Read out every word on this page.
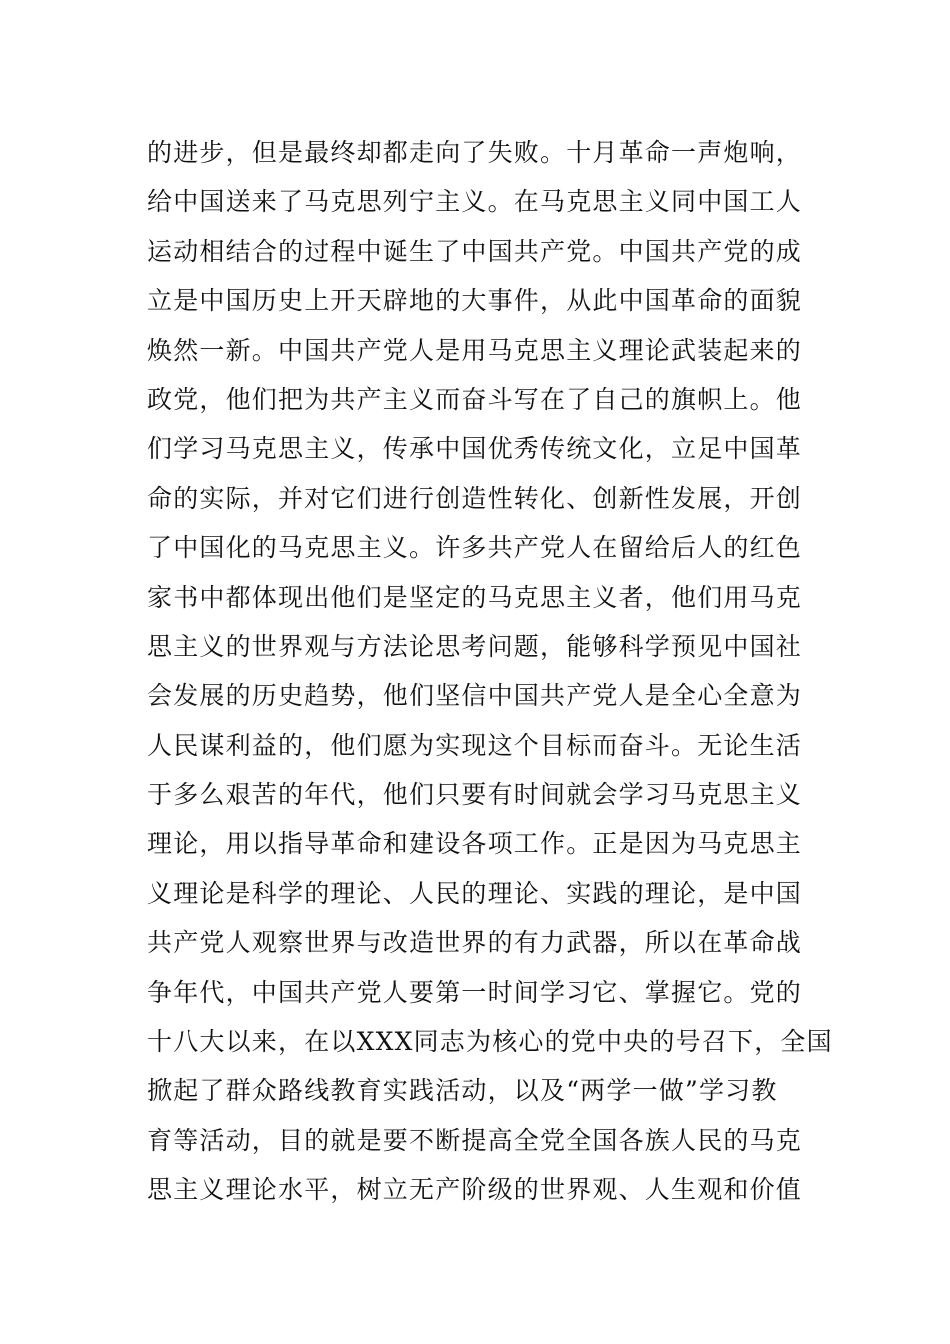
的进步，但是最终却都走向了失败。十月革命一声炮响，
给中国送来了马克思列宁主义。在马克思主义同中国工人
运动相结合的过程中诞生了中国共产党。中国共产党的成
立是中国历史上开天辟地的大事件，从此中国革命的面貌
焕然一新。中国共产党人是用马克思主义理论武装起来的
政党，他们把为共产主义而奋斗写在了自己的旗帜上。他
们学习马克思主义，传承中国优秀传统文化，立足中国革
命的实际，并对它们进行创造性转化、创新性发展，开创
了中国化的马克思主义。许多共产党人在留给后人的红色
家书中都体现出他们是坚定的马克思主义者，他们用马克
思主义的世界观与方法论思考问题，能够科学预见中国社
会发展的历史趋势，他们坚信中国共产党人是全心全意为
人民谋利益的，他们愿为实现这个目标而奋斗。无论生活
于多么艰苦的年代，他们只要有时间就会学习马克思主义
理论，用以指导革命和建设各项工作。正是因为马克思主
义理论是科学的理论、人民的理论、实践的理论，是中国
共产党人观察世界与改造世界的有力武器，所以在革命战
争年代，中国共产党人要第一时间学习它、掌握它。党的
十八大以来，在以XXX同志为核心的党中央的号召下，全国
掀起了群众路线教育实践活动，以及“两学一做”学习教
育等活动，目的就是要不断提高全党全国各族人民的马克
思主义理论水平，树立无产阶级的世界观、人生观和价值
